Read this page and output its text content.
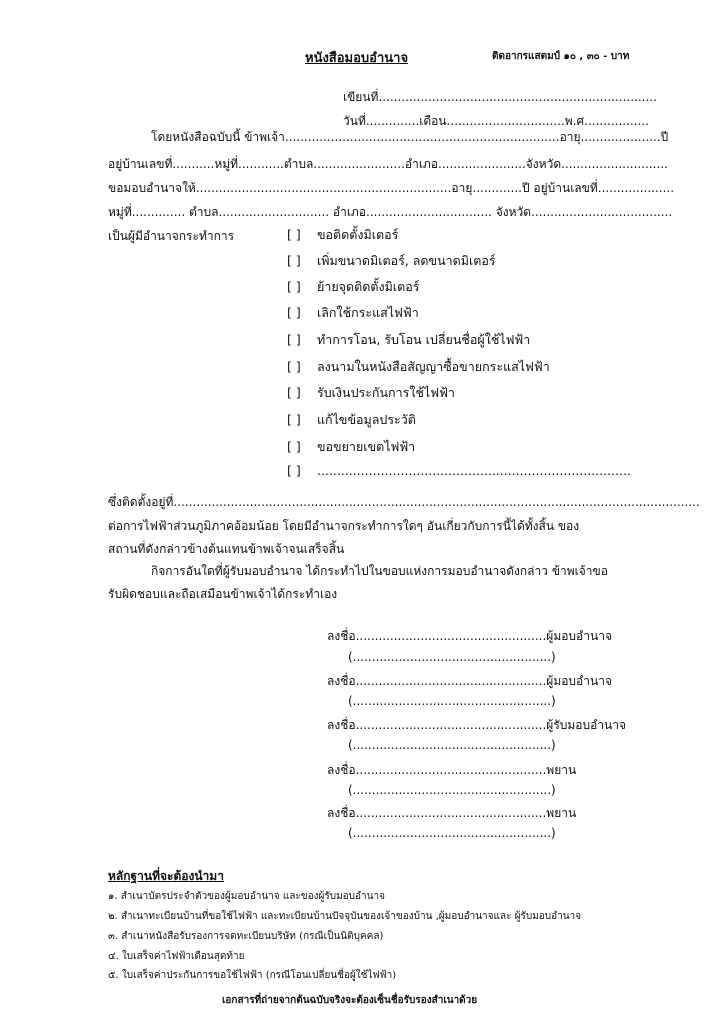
หนังสือมอบอำนาจ	ติดอากรแสตมป์ ๑๐ , ๓๐ - บาท
เขียนที่.........................................................................
วันที่..............เดือน...............................พ.ศ.................
โดยหนังสือฉบับนี้ ข้าพเจ้า........................................................................อายุ.....................ปี
อยู่บ้านเลขที่...........หมู่ที่............ตำบล........................อำเภอ.......................จังหวัด............................
ขอมอบอำนาจให้...................................................................อายุ.............ปี อยู่บ้านเลขที่....................
หมู่ที่.............. ตำบล............................. อำเภอ................................. จังหวัด.....................................
เป็นผู้มีอำนาจกระทำการ	[ ] ขอติดตั้งมิเตอร์
[ ] เพิ่มขนาดมิเตอร์, ลดขนาดมิเตอร์
[ ] ย้ายจุดติดตั้งมิเตอร์
[ ] เลิกใช้กระแสไฟฟ้า
[ ] ทำการโอน, รับโอน เปลี่ยนชื่อผู้ใช้ไฟฟ้า
[ ] ลงนามในหนังสือสัญญาซื้อขายกระแสไฟฟ้า
[ ] รับเงินประกันการใช้ไฟฟ้า
[ ] แก้ไขข้อมูลประวัติ
[ ] ขอขยายเขตไฟฟ้า
[ ] ...............................................................................
ซึ่งติดตั้งอยู่ที่..........................................................................................................................................
ต่อการไฟฟ้าส่วนภูมิภาคอ้อมน้อย โดยมีอำนาจกระทำการใดๆ อันเกี่ยวกับการนี้ได้ทั้งสิ้น ของ
สถานที่ดังกล่าวข้างต้นแทนข้าพเจ้าจนเสร็จสิ้น
กิจการอันใดที่ผู้รับมอบอำนาจ ได้กระทำไปในขอบแห่งการมอบอำนาจดังกล่าว ข้าพเจ้าขอ
รับผิดชอบและถือเสมือนข้าพเจ้าได้กระทำเอง
ลงชื่อ..................................................ผู้มอบอำนาจ
(....................................................)
ลงชื่อ..................................................ผู้มอบอำนาจ
(....................................................)
ลงชื่อ..................................................ผู้รับมอบอำนาจ
(....................................................)
ลงชื่อ..................................................พยาน
(....................................................)
ลงชื่อ..................................................พยาน
(....................................................)
หลักฐานที่จะต้องนำมา
๑. สำเนาบัตรประจำตัวของผู้มอบอำนาจ และของผู้รับมอบอำนาจ
๒. สำเนาทะเบียนบ้านที่ขอใช้ไฟฟ้า และทะเบียนบ้านปัจจุบันของเจ้าของบ้าน ,ผู้มอบอำนาจและ ผู้รับมอบอำนาจ
๓. สำเนาหนังสือรับรองการจดทะเบียนบริษัท (กรณีเป็นนิติบุคคล)
๔. ใบเสร็จค่าไฟฟ้าเดือนสุดท้าย
๕. ใบเสร็จค่าประกันการขอใช้ไฟฟ้า (กรณีโอนเปลี่ยนชื่อผู้ใช้ไฟฟ้า)
เอกสารที่ถ่ายจากต้นฉบับจริงจะต้องเซ็นชื่อรับรองสำเนาด้วย
